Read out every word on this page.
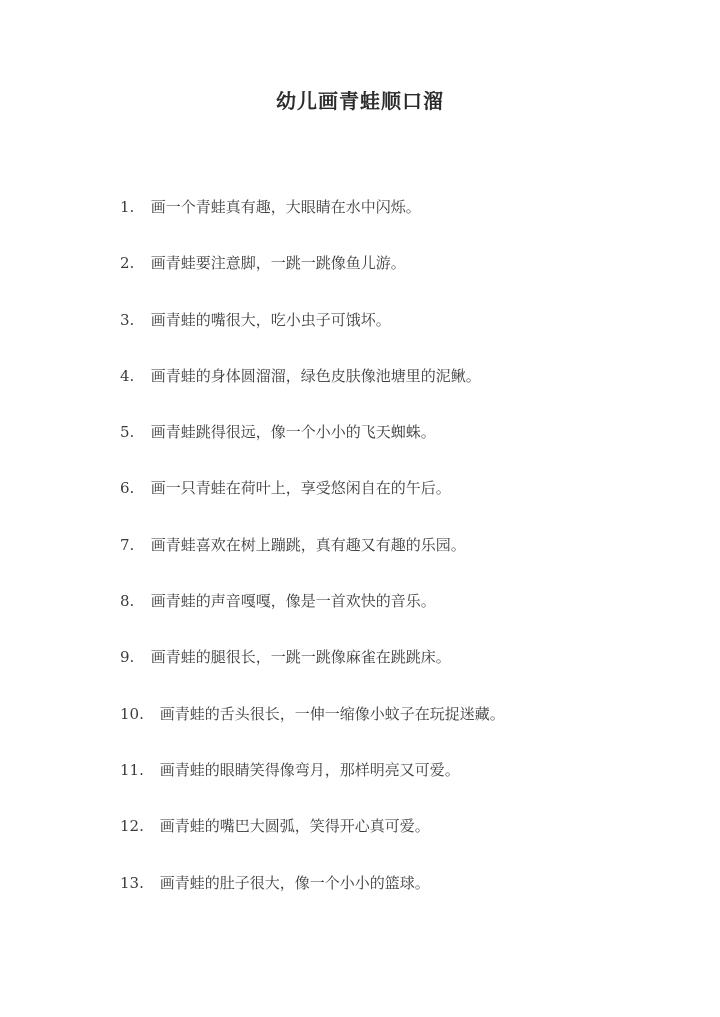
幼儿画青蛙顺口溜
1. 画一个青蛙真有趣，大眼睛在水中闪烁。
2. 画青蛙要注意脚，一跳一跳像鱼儿游。
3. 画青蛙的嘴很大，吃小虫子可饿坏。
4. 画青蛙的身体圆溜溜，绿色皮肤像池塘里的泥鳅。
5. 画青蛙跳得很远，像一个小小的飞天蜘蛛。
6. 画一只青蛙在荷叶上，享受悠闲自在的午后。
7. 画青蛙喜欢在树上蹦跳，真有趣又有趣的乐园。
8. 画青蛙的声音嘎嘎，像是一首欢快的音乐。
9. 画青蛙的腿很长，一跳一跳像麻雀在跳跳床。
10. 画青蛙的舌头很长，一伸一缩像小蚊子在玩捉迷藏。
11. 画青蛙的眼睛笑得像弯月，那样明亮又可爱。
12. 画青蛙的嘴巴大圆弧，笑得开心真可爱。
13. 画青蛙的肚子很大，像一个小小的篮球。
